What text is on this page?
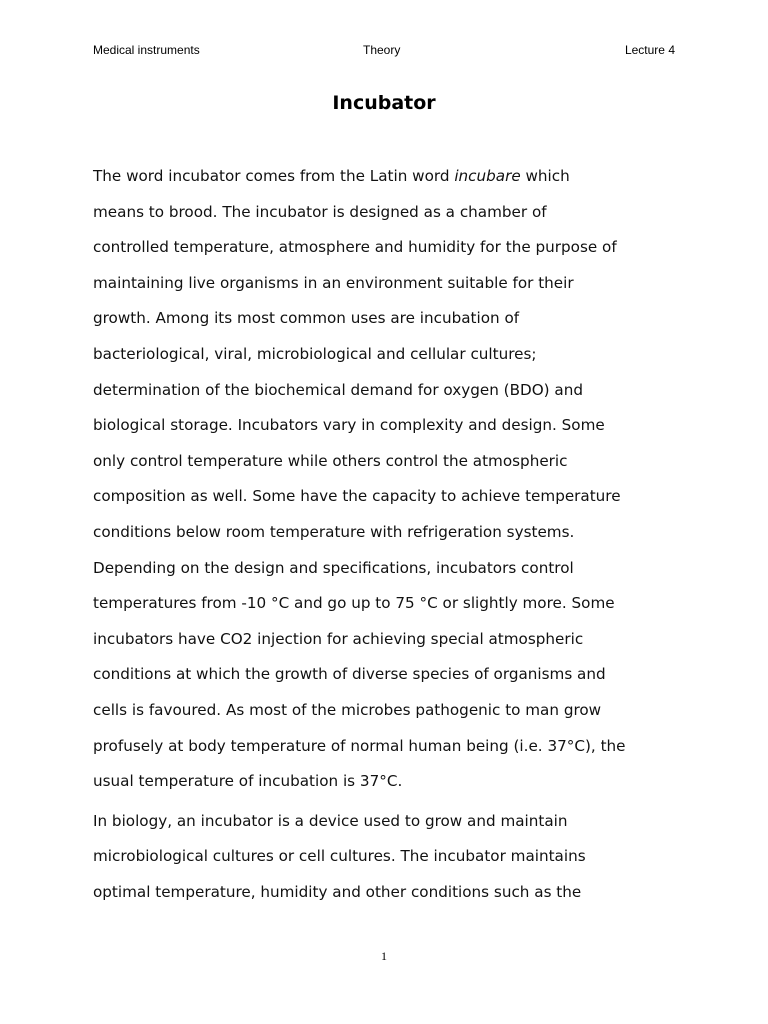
Medical instruments	Theory	Lecture 4
Incubator
The word incubator comes from the Latin word incubare which
means to brood. The incubator is designed as a chamber of
controlled temperature, atmosphere and humidity for the purpose of
maintaining live organisms in an environment suitable for their
growth. Among its most common uses are incubation of
bacteriological, viral, microbiological and cellular cultures;
determination of the biochemical demand for oxygen (BDO) and
biological storage. Incubators vary in complexity and design. Some
only control temperature while others control the atmospheric
composition as well. Some have the capacity to achieve temperature
conditions below room temperature with refrigeration systems.
Depending on the design and specifications, incubators control
temperatures from -10 °C and go up to 75 °C or slightly more. Some
incubators have CO2 injection for achieving special atmospheric
conditions at which the growth of diverse species of organisms and
cells is favoured. As most of the microbes pathogenic to man grow
profusely at body temperature of normal human being (i.e. 37°C), the
usual temperature of incubation is 37°C.
In biology, an incubator is a device used to grow and maintain
microbiological cultures or cell cultures. The incubator maintains
optimal temperature, humidity and other conditions such as the
1
